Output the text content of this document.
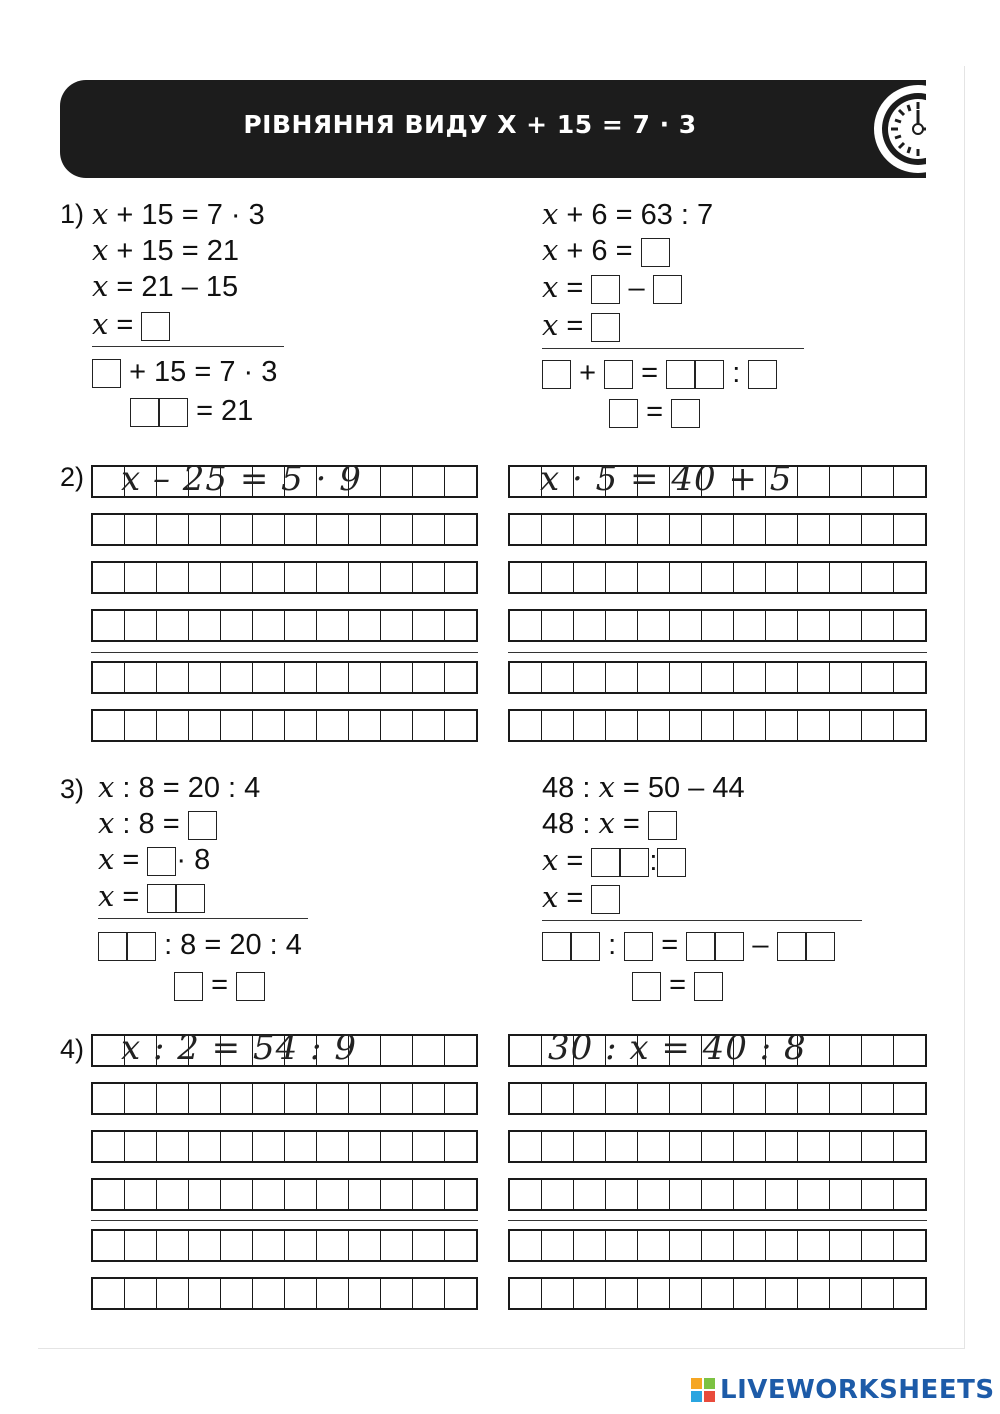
РІВНЯННЯ ВИДУ X + 15 = 7 · 3
1) x + 15 = 7 · 3
x + 15 = 21
x = 21 – 15
x =
+ 15 = 7 · 3
= 21
x + 6 = 63 : 7
x + 6 =
x = –
x =
+ =	:
=
2) x – 25 = 5 · 9	x · 5 = 40 + 5
3) x : 8 = 20 : 4
x : 8 =
x = · 8
x =
: 8 = 20 : 4
=
48 : x = 50 – 44
48 : x =
x = :
x =
: =	–
=
4) x : 2 = 54 : 9	30 : x = 40 : 8
LIVEWORKSHEETS
